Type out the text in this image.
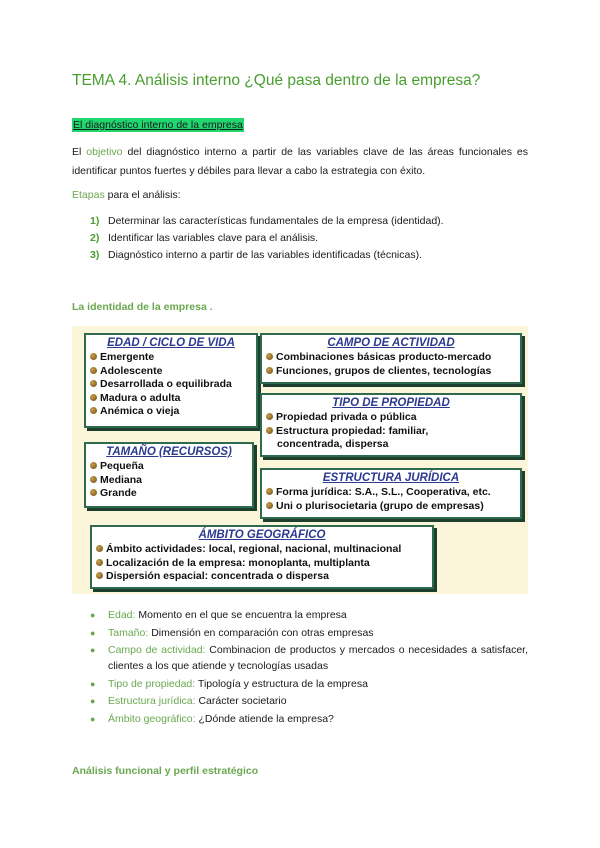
TEMA 4. Análisis interno ¿Qué pasa dentro de la empresa?
El diagnóstico interno de la empresa
El objetivo del diagnóstico interno a partir de las variables clave de las áreas funcionales es identificar puntos fuertes y débiles para llevar a cabo la estrategia con éxito.
Etapas para el análisis:
1) Determinar las características fundamentales de la empresa (identidad).
2) Identificar las variables clave para el análisis.
3) Diagnóstico interno a partir de las variables identificadas (técnicas).
La identidad de la empresa .
EDAD / CICLO DE VIDA
Emergente
Adolescente
Desarrollada o equilibrada
Madura o adulta
Anémica o vieja
TAMAÑO (RECURSOS)
Pequeña
Mediana
Grande
CAMPO DE ACTIVIDAD
Combinaciones básicas producto-mercado
Funciones, grupos de clientes, tecnologías
TIPO DE PROPIEDAD
Propiedad privada o pública
Estructura propiedad: familiar,
concentrada, dispersa
ESTRUCTURA JURÍDICA
Forma jurídica: S.A., S.L., Cooperativa, etc.
Uni o plurisocietaria (grupo de empresas)
ÁMBITO GEOGRÁFICO
Ámbito actividades: local, regional, nacional, multinacional
Localización de la empresa: monoplanta, multiplanta
Dispersión espacial: concentrada o dispersa
● Edad: Momento en el que se encuentra la empresa
● Tamaño: Dimensión en comparación con otras empresas
● Campo de actividad: Combinacion de productos y mercados o necesidades a satisfacer, clientes a los que atiende y tecnologías usadas
● Tipo de propiedad: Tipología y estructura de la empresa
● Estructura jurídica: Carácter societario
● Ámbito geográfico: ¿Dónde atiende la empresa?
Análisis funcional y perfil estratégico
